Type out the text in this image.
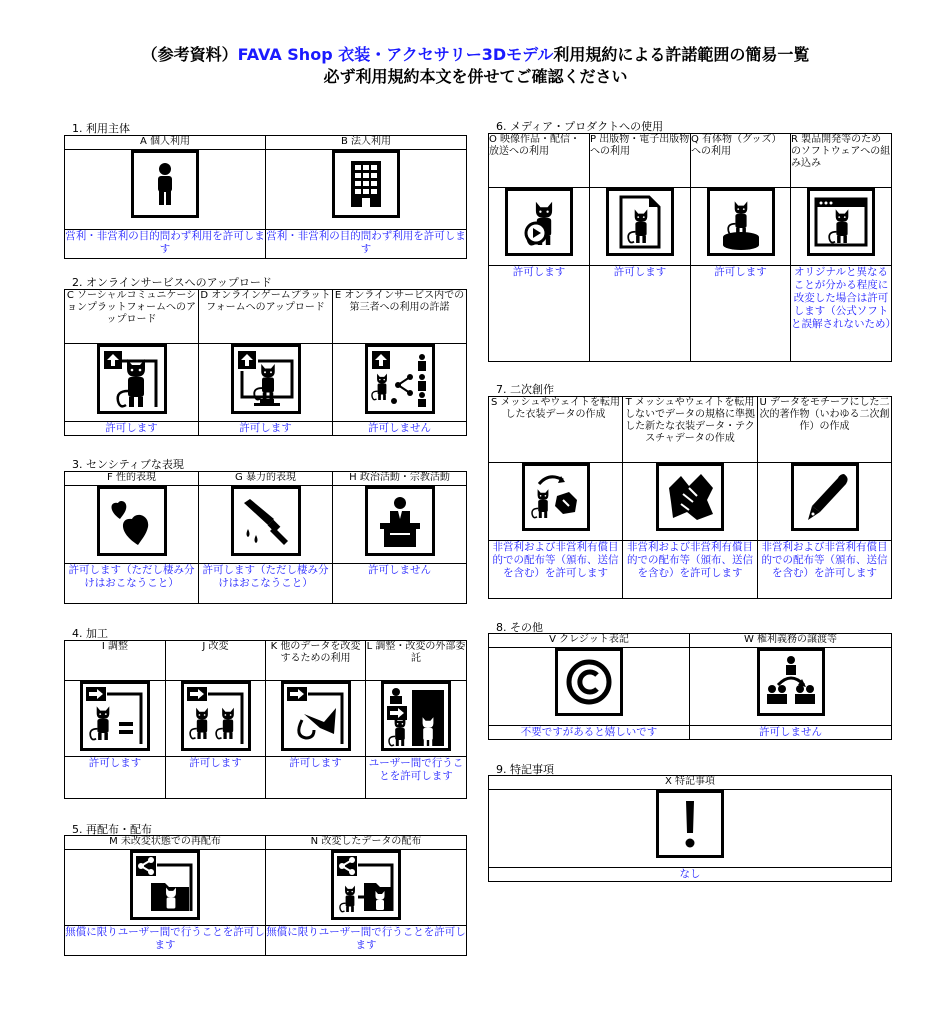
（参考資料）FAVA Shop 衣装・アクセサリー3Dモデル利用規約による許諾範囲の簡易一覧
必ず利用規約本文を併せてご確認ください
1. 利用主体
A 個人利用	B 法人利用

営利・非営利の目的問わず利用を許可します	営利・非営利の目的問わず利用を許可します
2. オンラインサービスへのアップロード
C ソーシャルコミュニケーションプラットフォームへのアップロード	D オンラインゲームプラットフォームへのアップロード	E オンラインサービス内での第三者への利用の許諾

許可します	許可します	許可しません
3. センシティブな表現
F 性的表現	G 暴力的表現	H 政治活動・宗教活動

許可します（ただし棲み分けはおこなうこと）	許可します（ただし棲み分けはおこなうこと）	許可しません
4. 加工
I 調整	J 改変	K 他のデータを改変するための利用	L 調整・改変の外部委託

許可します	許可します	許可します	ユーザー間で行うことを許可します
5. 再配布・配布
M 未改変状態での再配布	N 改変したデータの配布

無償に限りユーザー間で行うことを許可します	無償に限りユーザー間で行うことを許可します
6. メディア・プロダクトへの使用
O 映像作品・配信・放送への利用	P 出版物・電子出版物への利用	Q 有体物（グッズ）への利用	R 製品開発等のためのソフトウェアへの組み込み

許可します	許可します	許可します	オリジナルと異なることが分かる程度に改変した場合は許可します（公式ソフトと誤解されないため）
7. 二次創作
S メッシュやウェイトを転用した衣装データの作成	T メッシュやウェイトを転用しないでデータの規格に準拠した新たな衣装データ・テクスチャデータの作成	U データをモチーフにした二次的著作物（いわゆる二次創作）の作成

非営利および非営利有償目的での配布等（頒布、送信を含む）を許可します	非営利および非営利有償目的での配布等（頒布、送信を含む）を許可します	非営利および非営利有償目的での配布等（頒布、送信を含む）を許可します
8. その他
V クレジット表記	W 権利義務の譲渡等

不要ですがあると嬉しいです	許可しません
9. 特記事項
X 特記事項

なし
